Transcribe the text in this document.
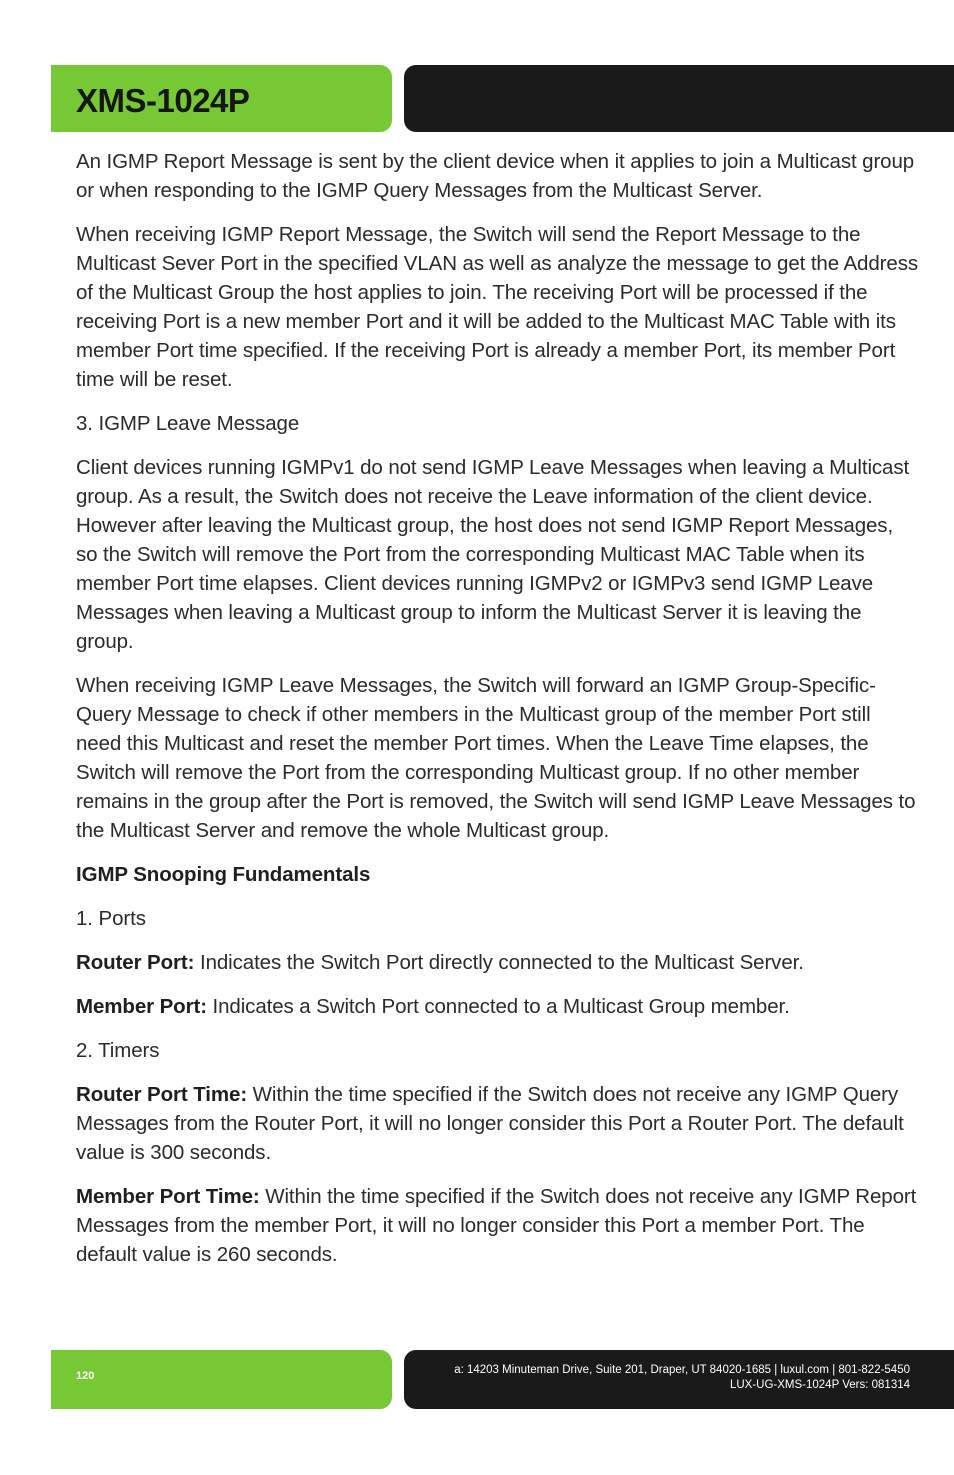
XMS-1024P

An IGMP Report Message is sent by the client device when it applies to join a Multicast group or when responding to the IGMP Query Messages from the Multicast Server.

When receiving IGMP Report Message, the Switch will send the Report Message to the Multicast Sever Port in the specified VLAN as well as analyze the message to get the Address of the Multicast Group the host applies to join. The receiving Port will be processed if the receiving Port is a new member Port and it will be added to the Multicast MAC Table with its member Port time specified. If the receiving Port is already a member Port, its member Port time will be reset.

3. IGMP Leave Message

Client devices running IGMPv1 do not send IGMP Leave Messages when leaving a Multicast group. As a result, the Switch does not receive the Leave information of the client device. However after leaving the Multicast group, the host does not send IGMP Report Messages, so the Switch will remove the Port from the corresponding Multicast MAC Table when its member Port time elapses. Client devices running IGMPv2 or IGMPv3 send IGMP Leave Messages when leaving a Multicast group to inform the Multicast Server it is leaving the group.

When receiving IGMP Leave Messages, the Switch will forward an IGMP Group-Specific-Query Message to check if other members in the Multicast group of the member Port still need this Multicast and reset the member Port times. When the Leave Time elapses, the Switch will remove the Port from the corresponding Multicast group. If no other member remains in the group after the Port is removed, the Switch will send IGMP Leave Messages to the Multicast Server and remove the whole Multicast group.

IGMP Snooping Fundamentals

1. Ports

Router Port: Indicates the Switch Port directly connected to the Multicast Server.

Member Port: Indicates a Switch Port connected to a Multicast Group member.

2. Timers

Router Port Time: Within the time specified if the Switch does not receive any IGMP Query Messages from the Router Port, it will no longer consider this Port a Router Port. The default value is 300 seconds.

Member Port Time: Within the time specified if the Switch does not receive any IGMP Report Messages from the member Port, it will no longer consider this Port a member Port. The default value is 260 seconds.

120	a: 14203 Minuteman Drive, Suite 201, Draper, UT 84020-1685 | luxul.com | 801-822-5450
LUX-UG-XMS-1024P Vers: 081314
